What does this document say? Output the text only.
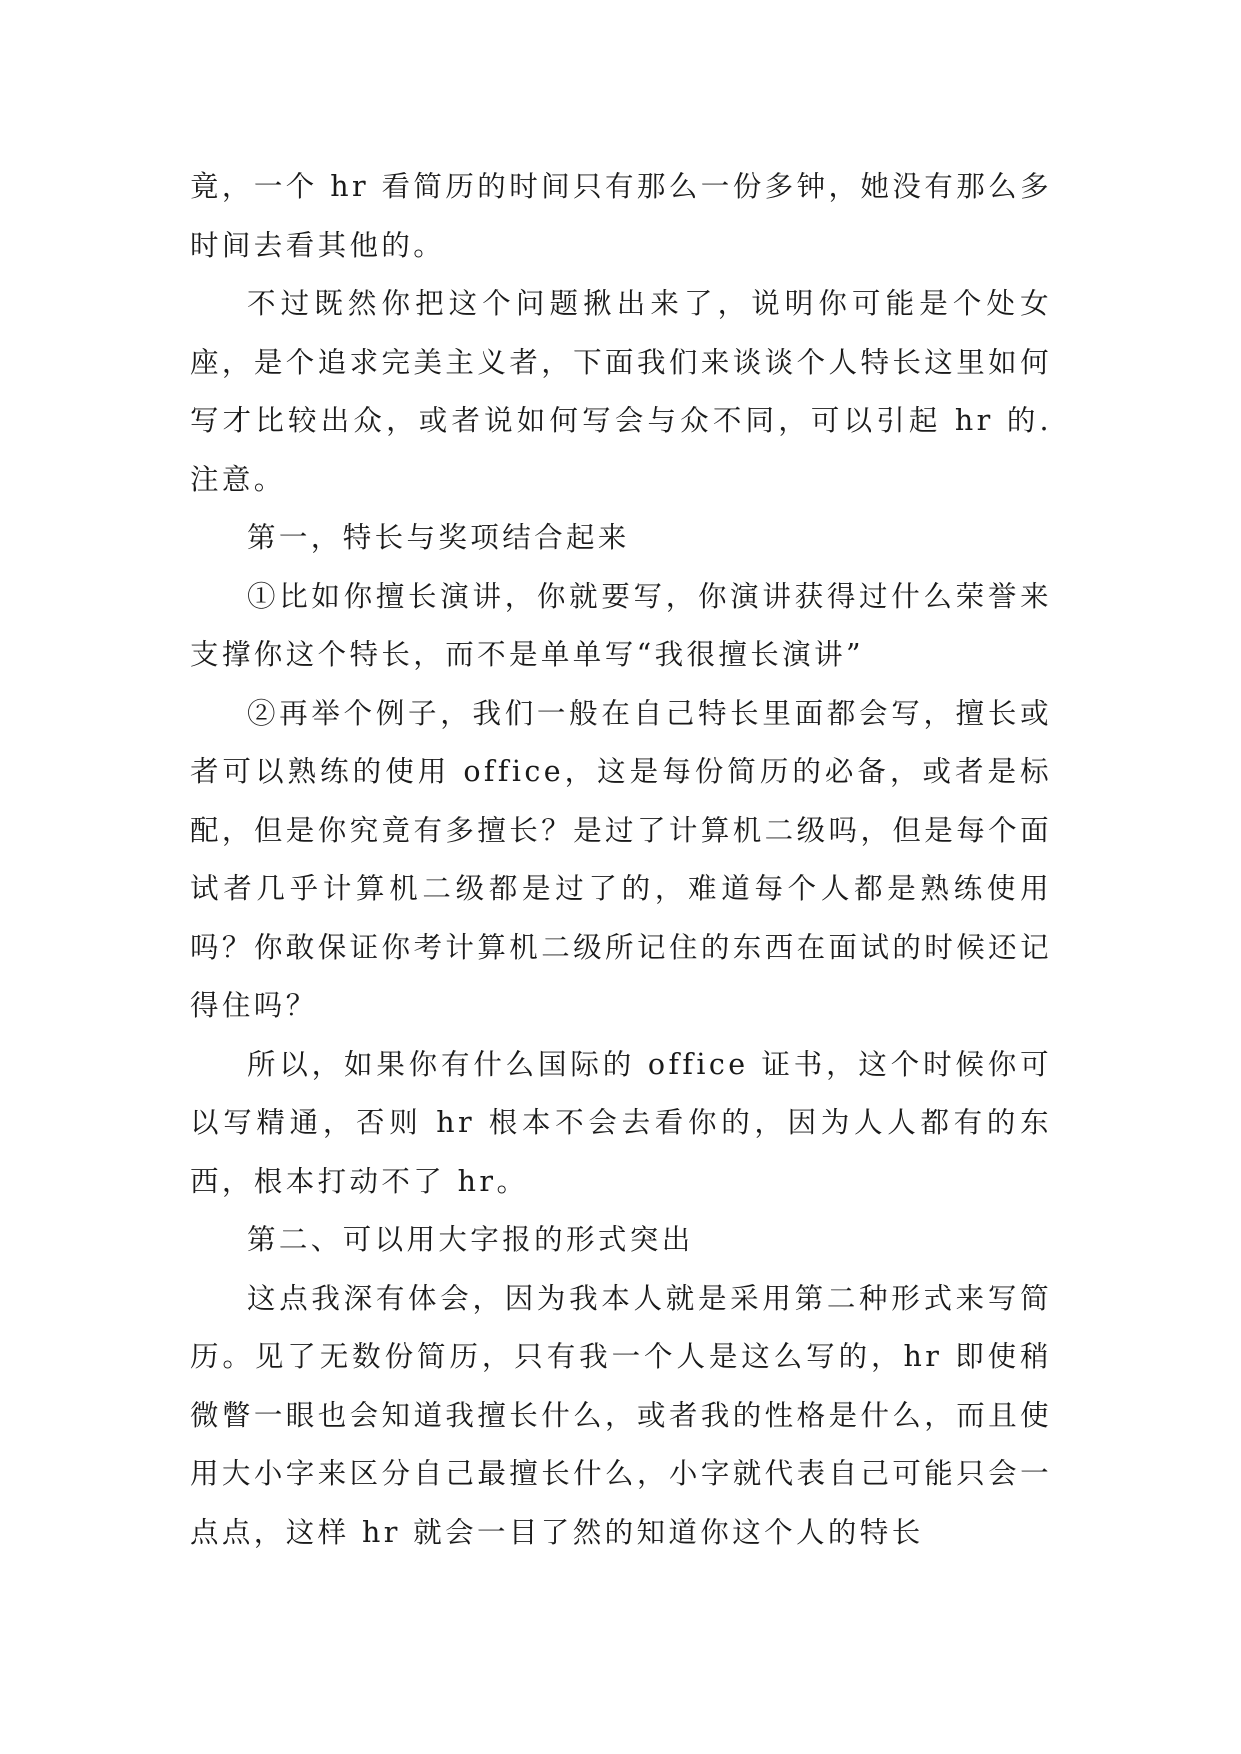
竟，一个 hr 看简历的时间只有那么一份多钟，她没有那么多时间去看其他的。

不过既然你把这个问题揪出来了，说明你可能是个处女座，是个追求完美主义者，下面我们来谈谈个人特长这里如何写才比较出众，或者说如何写会与众不同，可以引起 hr 的.注意。

第一，特长与奖项结合起来

①比如你擅长演讲，你就要写，你演讲获得过什么荣誉来支撑你这个特长，而不是单单写“我很擅长演讲”

②再举个例子，我们一般在自己特长里面都会写，擅长或者可以熟练的使用 office，这是每份简历的必备，或者是标配，但是你究竟有多擅长？是过了计算机二级吗，但是每个面试者几乎计算机二级都是过了的，难道每个人都是熟练使用吗？你敢保证你考计算机二级所记住的东西在面试的时候还记得住吗？

所以，如果你有什么国际的 office 证书，这个时候你可以写精通，否则 hr 根本不会去看你的，因为人人都有的东西，根本打动不了 hr。

第二、可以用大字报的形式突出

这点我深有体会，因为我本人就是采用第二种形式来写简历。见了无数份简历，只有我一个人是这么写的，hr 即使稍微瞥一眼也会知道我擅长什么，或者我的性格是什么，而且使用大小字来区分自己最擅长什么，小字就代表自己可能只会一点点，这样 hr 就会一目了然的知道你这个人的特长
